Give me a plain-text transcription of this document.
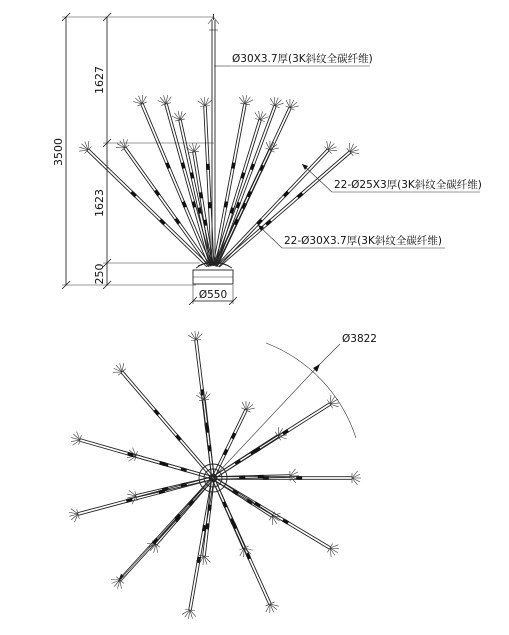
3500
1627
1623
250
Ø550
Ø30X3.7厚(3K斜纹全碳纤维)
22-Ø25X3厚(3K斜纹全碳纤维)
22-Ø30X3.7厚(3K斜纹全碳纤维)
Ø3822
